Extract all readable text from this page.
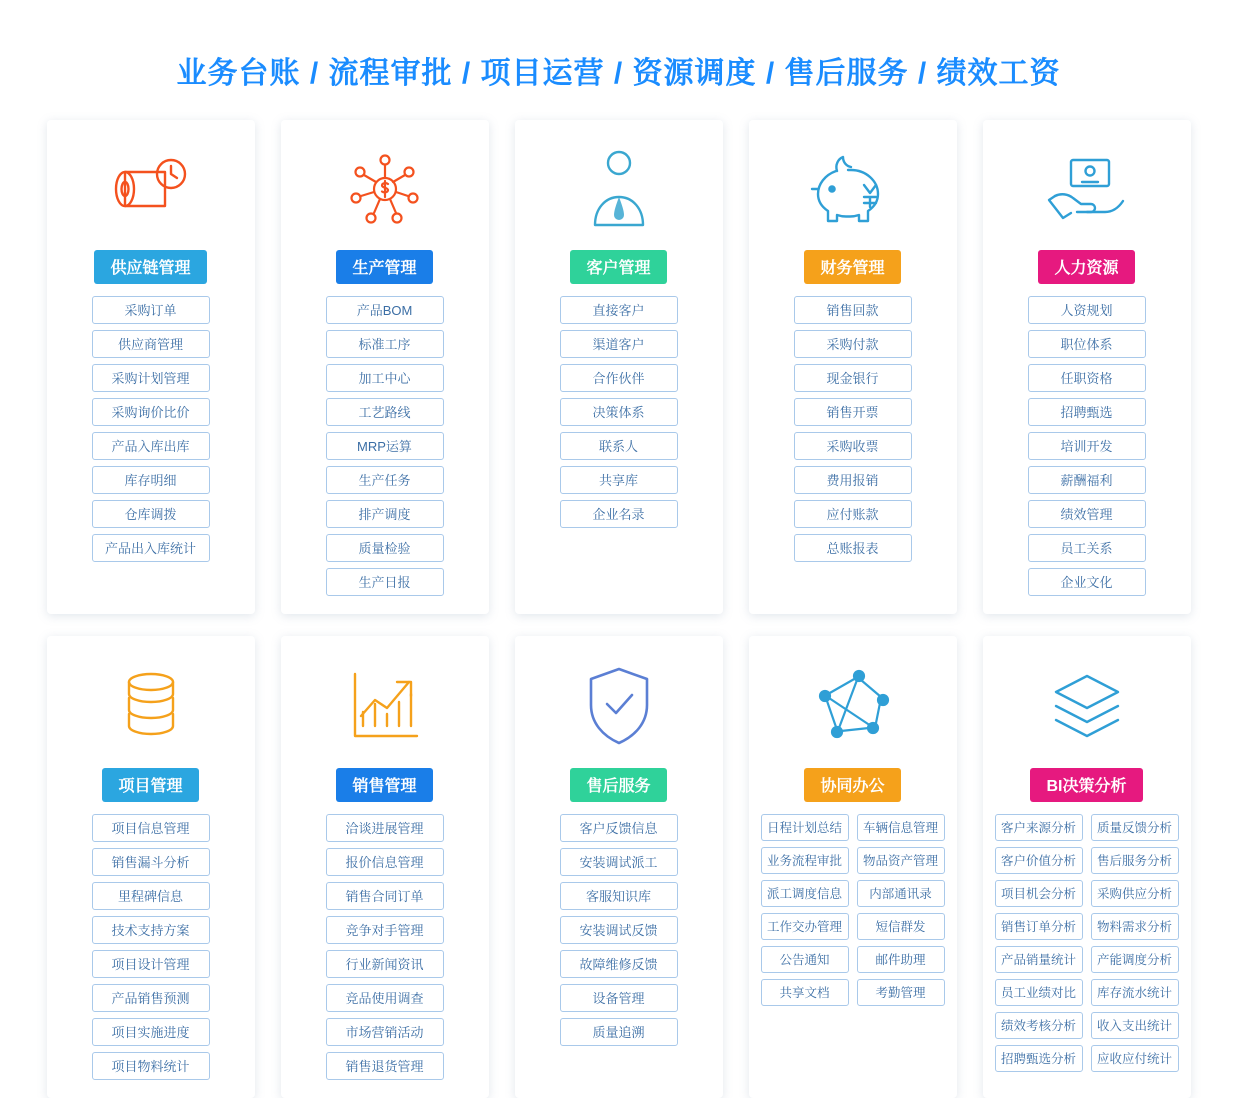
业务台账 / 流程审批 / 项目运营 / 资源调度 / 售后服务 / 绩效工资
供应链管理
采购订单
供应商管理
采购计划管理
采购询价比价
产品入库出库
库存明细
仓库调拨
产品出入库统计
生产管理
产品BOM
标准工序
加工中心
工艺路线
MRP运算
生产任务
排产调度
质量检验
生产日报
客户管理
直接客户
渠道客户
合作伙伴
决策体系
联系人
共享库
企业名录
财务管理
销售回款
采购付款
现金银行
销售开票
采购收票
费用报销
应付账款
总账报表
人力资源
人资规划
职位体系
任职资格
招聘甄选
培训开发
薪酬福利
绩效管理
员工关系
企业文化
项目管理
项目信息管理
销售漏斗分析
里程碑信息
技术支持方案
项目设计管理
产品销售预测
项目实施进度
项目物料统计
销售管理
洽谈进展管理
报价信息管理
销售合同订单
竞争对手管理
行业新闻资讯
竞品使用调查
市场营销活动
销售退货管理
售后服务
客户反馈信息
安装调试派工
客服知识库
安装调试反馈
故障维修反馈
设备管理
质量追溯
协同办公
日程计划总结	车辆信息管理
业务流程审批	物品资产管理
派工调度信息	内部通讯录
工作交办管理	短信群发
公告通知	邮件助理
共享文档	考勤管理
BI决策分析
客户来源分析	质量反馈分析
客户价值分析	售后服务分析
项目机会分析	采购供应分析
销售订单分析	物料需求分析
产品销量统计	产能调度分析
员工业绩对比	库存流水统计
绩效考核分析	收入支出统计
招聘甄选分析	应收应付统计
